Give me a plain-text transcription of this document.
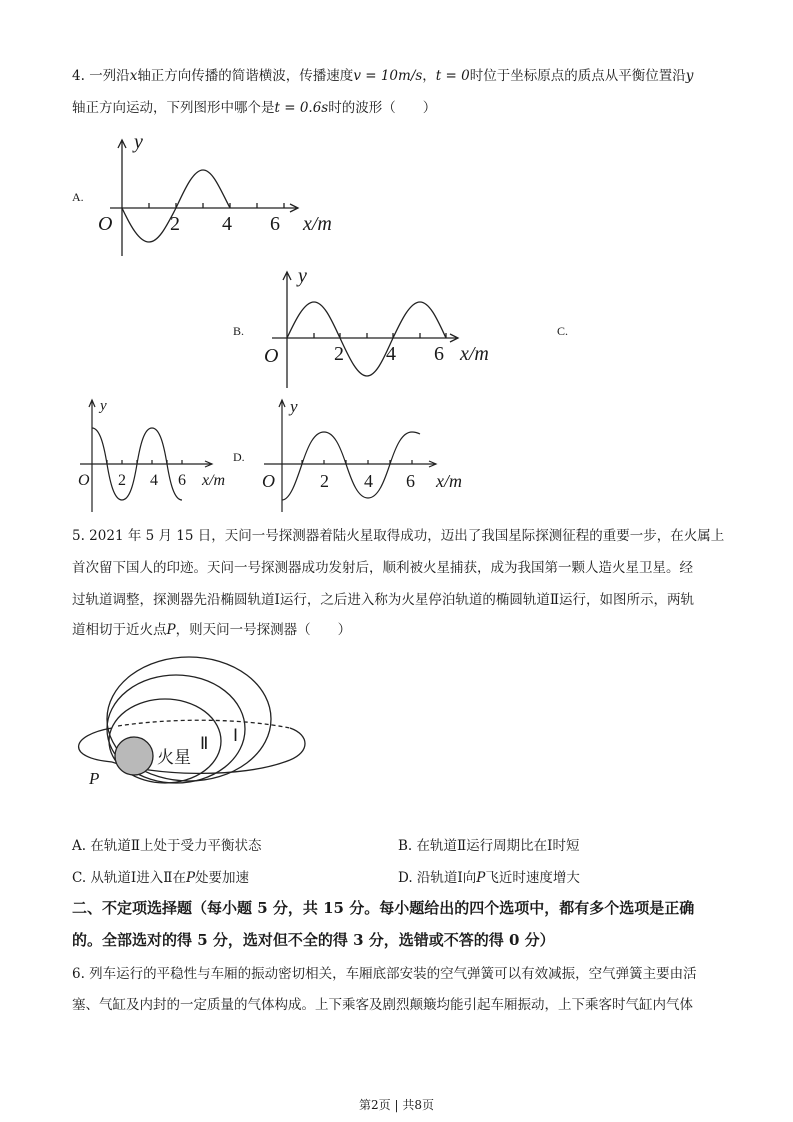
4. 一列沿x轴正方向传播的简谐横波，传播速度v = 10m/s，t = 0时位于坐标原点的质点从平衡位置沿y
轴正方向运动，下列图形中哪个是t = 0.6s时的波形（　　）
A.
B.	C.
D.
y
O	2 4 6 x/m
y
O	2 4 6 x/m
y
O 2 4 6 x/m
y
O	2 4 6 x/m
5. 2021 年 5 月 15 日，天问一号探测器着陆火星取得成功，迈出了我国星际探测征程的重要一步，在火属上
首次留下国人的印迹。天问一号探测器成功发射后，顺利被火星捕获，成为我国第一颗人造火星卫星。经
过轨道调整，探测器先沿椭圆轨道Ⅰ运行，之后进入称为火星停泊轨道的椭圆轨道Ⅱ运行，如图所示，两轨
道相切于近火点P，则天问一号探测器（　　）
火星
Ⅱ Ⅰ
P
A. 在轨道Ⅱ上处于受力平衡状态	B. 在轨道Ⅱ运行周期比在Ⅰ时短
C. 从轨道Ⅰ进入Ⅱ在P处要加速	D. 沿轨道Ⅰ向P飞近时速度增大
二、不定项选择题（每小题 5 分，共 15 分。每小题给出的四个选项中，都有多个选项是正确
的。全部选对的得 5 分，选对但不全的得 3 分，选错或不答的得 0 分）
6. 列车运行的平稳性与车厢的振动密切相关，车厢底部安装的空气弹簧可以有效减振，空气弹簧主要由活
塞、气缸及内封的一定质量的气体构成。上下乘客及剧烈颠簸均能引起车厢振动，上下乘客时气缸内气体
第2页 | 共8页
